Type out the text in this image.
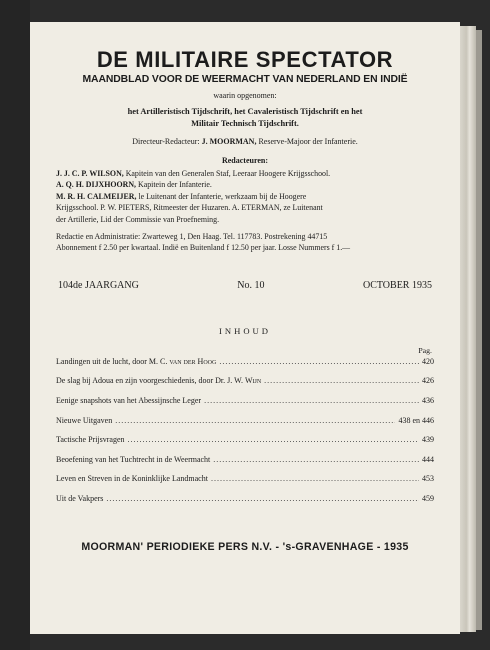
DE MILITAIRE SPECTATOR
MAANDBLAD VOOR DE WEERMACHT VAN NEDERLAND EN INDIË
waarin opgenomen:
het Artilleristisch Tijdschrift, het Cavaleristisch Tijdschrift en het
Militair Technisch Tijdschrift.
Directeur-Redacteur: J. MOORMAN, Reserve-Majoor der Infanterie.
Redacteuren:
J. J. C. P. WILSON, Kapitein van den Generalen Staf, Leeraar Hoogere Krijgsschool.
A. Q. H. DIJXHOORN, Kapitein der Infanterie.
M. R. H. CALMEIJER, le Luitenant der Infanterie, werkzaam bij de Hoogere
Krijgsschool. P. W. PIETERS, Ritmeester der Huzaren. A. ETERMAN, ze Luitenant
der Artillerie, Lid der Commissie van Proefneming.
Redactie en Administratie: Zwarteweg 1, Den Haag. Tel. 117783. Postrekening 44715
Abonnement f 2.50 per kwartaal. Indië en Buitenland f 12.50 per jaar. Losse Nummers f 1.—
104de JAARGANG	No. 10	OCTOBER 1935
INHOUD
Pag.
Landingen uit de lucht, door M. C. van der Hoog .....	420
De slag bij Adoua en zijn voorgeschiedenis, door Dr. J. W. Wijn .....	426
Eenige snapshots van het Abessijnsche Leger .....	436
Nieuwe Uitgaven .....	438 en 446
Tactische Prijsvragen .....	439
Beoefening van het Tuchtrecht in de Weermacht .....	444
Leven en Streven in de Koninklijke Landmacht .....	453
Uit de Vakpers .....	459
MOORMAN' PERIODIEKE PERS N.V. - 's-GRAVENHAGE - 1935
